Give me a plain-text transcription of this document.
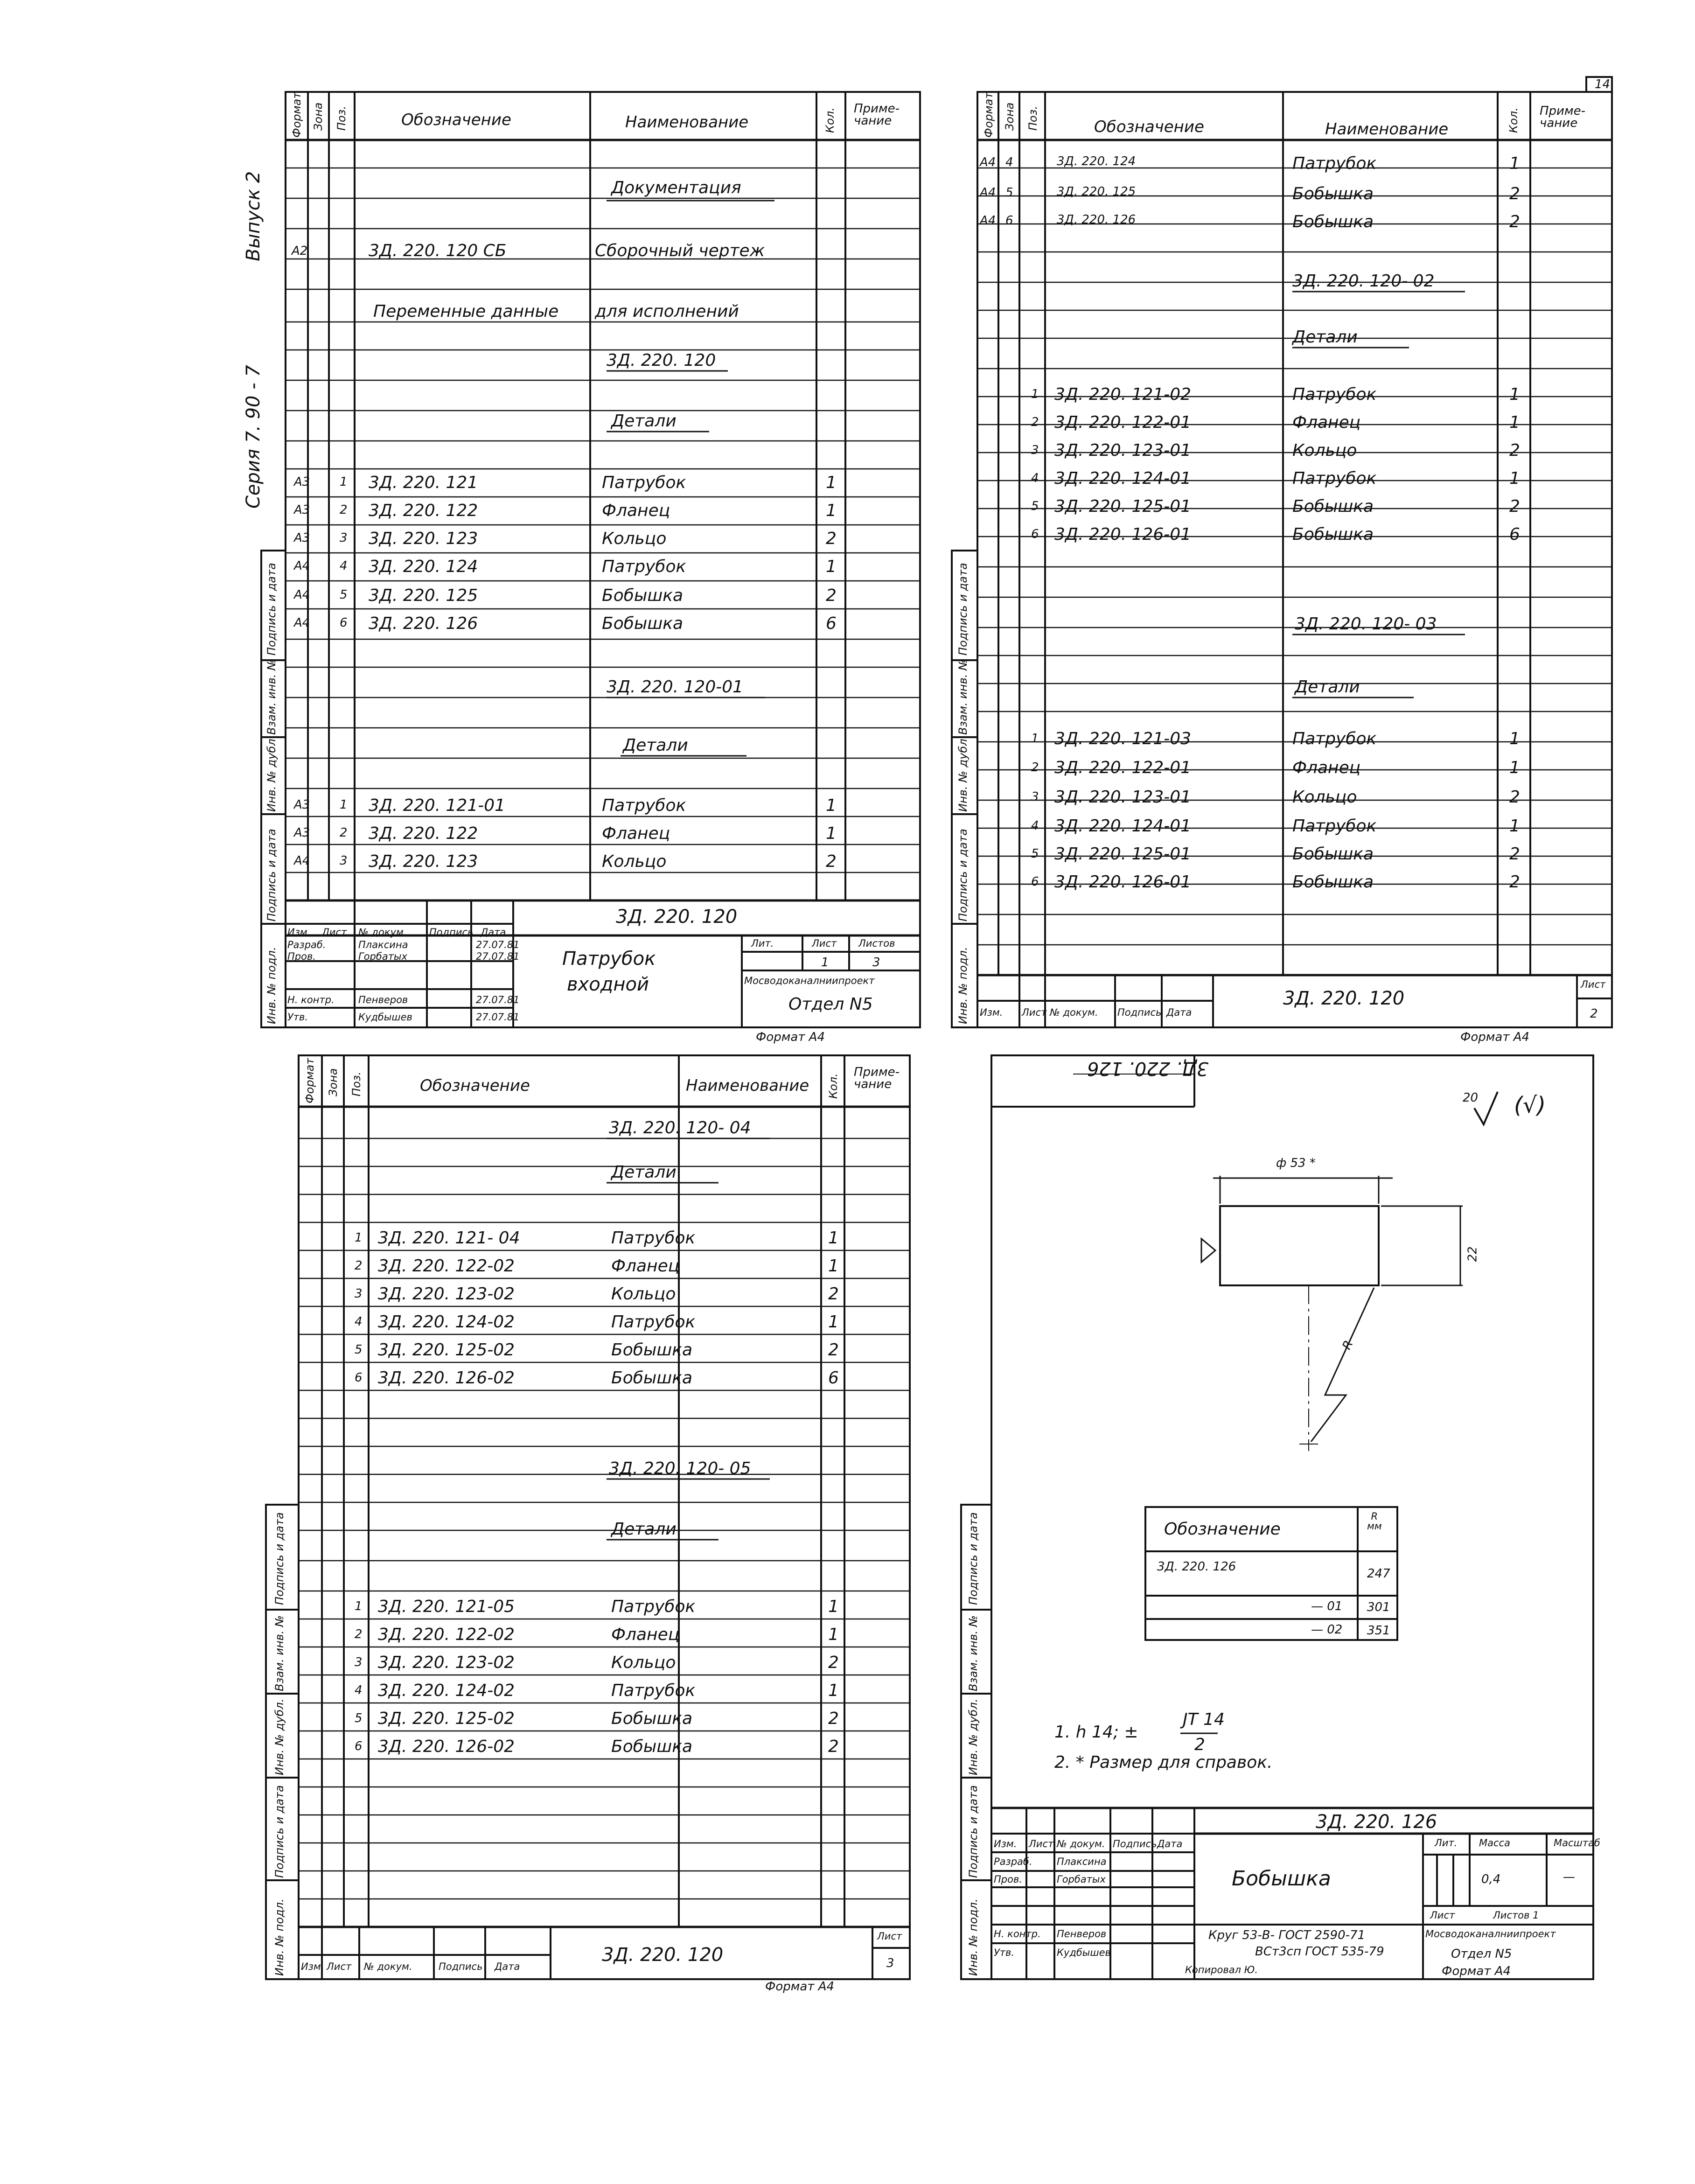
Серия 7. 90 - 7
Выпуск 2
14
Подпись и дата
Взам. инв. №
Инв. № дубл.
Подпись и дата
Инв. № подл.
Подпись и дата
Взам. инв. №
Инв. № дубл.
Подпись и дата
Инв. № подл.
Подпись и дата
Взам. инв. №
Инв. № дубл.
Подпись и дата
Инв. № подл.
Подпись и дата
Взам. инв. №
Инв. № дубл.
Подпись и дата
Инв. № подл.
Формат Зона Поз.	Обозначение	Наименование	Кол. Приме-
чание
Документация
А2	3Д. 220. 120 СБ	Сборочный чертеж
Переменные данные для исполнений
3Д. 220. 120
Детали
А3 1 3Д. 220. 121	Патрубок	1
А3 2 3Д. 220. 122	Фланец	1
А3 3 3Д. 220. 123	Кольцо	2
А4 4 3Д. 220. 124	Патрубок	1
А4 5 3Д. 220. 125	Бобышка	2
А4 6 3Д. 220. 126	Бобышка	6
3Д. 220. 120-01
Детали
А3 1 3Д. 220. 121-01	Патрубок	1
А3 2 3Д. 220. 122	Фланец	1
А4 3 3Д. 220. 123	Кольцо	2
3Д. 220. 120
Изм. Лист № докум. Подпись Дата
Разраб.	Плаксина	27.07.81
Пров.	Горбатых	27.07.81
Н. контр. Пенверов	27.07.81
Утв.	Кудбышев	27.07.81
Патрубок
входной
Лит.	Лист Листов
1	3
Мосводоканалниипроект
Отдел N5
Формат А4
Формат Зона Поз.	Обозначение	Наименование	Кол. Приме-
чание
А4 4	3Д. 220. 124	Патрубок	1
А4 5	3Д. 220. 125	Бобышка	2
А4 6	3Д. 220. 126	Бобышка	2
3Д. 220. 120- 02
Детали
1 3Д. 220. 121-02	Патрубок	1
2 3Д. 220. 122-01	Фланец	1
3 3Д. 220. 123-01	Кольцо	2
4 3Д. 220. 124-01	Патрубок	1
5 3Д. 220. 125-01	Бобышка	2
6 3Д. 220. 126-01	Бобышка	6
3Д. 220. 120- 03
Детали
1 3Д. 220. 121-03	Патрубок	1
2 3Д. 220. 122-01	Фланец	1
3 3Д. 220. 123-01	Кольцо	2
4 3Д. 220. 124-01	Патрубок	1
5 3Д. 220. 125-01	Бобышка	2
6 3Д. 220. 126-01	Бобышка	2
Изм. Лист № докум. Подпись Дата
3Д. 220. 120
Лист
2
Формат А4
Формат Зона Поз.	Обозначение	Наименование Кол.
Приме-
чание
3Д. 220. 120- 04
Детали
1 3Д. 220. 121- 04	Патрубок	1
2 3Д. 220. 122-02	Фланец	1
3 3Д. 220. 123-02	Кольцо	2
4 3Д. 220. 124-02	Патрубок	1
5 3Д. 220. 125-02	Бобышка	2
6 3Д. 220. 126-02	Бобышка	6
3Д. 220. 120- 05
Детали
1 3Д. 220. 121-05	Патрубок	1
2 3Д. 220. 122-02	Фланец	1
3 3Д. 220. 123-02	Кольцо	2
4 3Д. 220. 124-02	Патрубок	1
5 3Д. 220. 125-02	Бобышка	2
6 3Д. 220. 126-02	Бобышка	2
Изм. Лист № докум.	Подпись Дата
3Д. 220. 120
Лист
3
Формат А4
3Д. 220. 126
20 (√)
ф 53 *
22
R
Обозначение
R
мм
3Д. 220. 126	247
— 01 301
— 02 351
1. h 14; ±
JT 14
2
2. * Размер для справок.
3Д. 220. 126
Изм. Лист № докум. Подпись Дата
Разраб. Плаксина
Пров.	Горбатых
Н. контр. Пенверов
Утв.	Кудбышев
Бобышка
Лит. Масса	Масштаб
0,4	—
Лист	Листов 1
Круг 53-В- ГОСТ 2590-71
ВСт3сп ГОСТ 535-79
Мосводоканалниипроект
Отдел N5
Копировал Ю.	Формат А4
